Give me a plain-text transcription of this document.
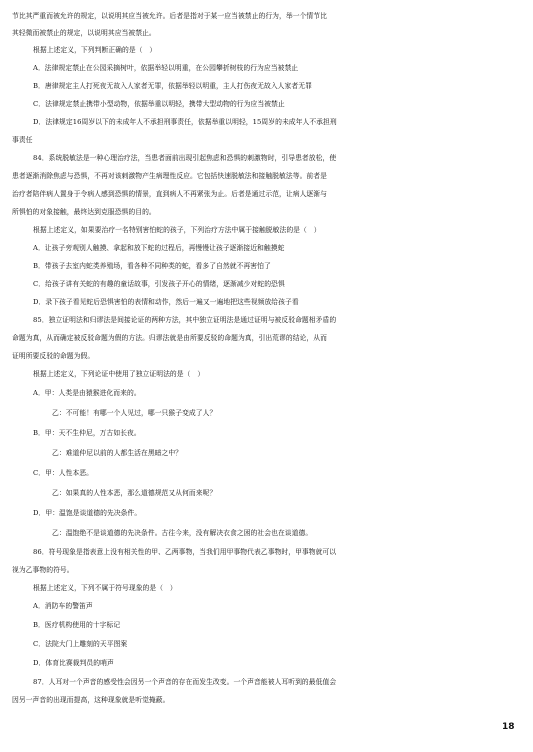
节比其严重而被允许的规定，以说明其应当被允许。后者是指对于某一应当被禁止的行为，举一个情节比
其轻微而被禁止的规定，以说明其应当被禁止。
根据上述定义，下列判断正确的是（　）
A．法律规定禁止在公园采摘树叶，依据举轻以明重，在公园攀折树枝的行为应当被禁止
B．唐律规定主人打死夜无故入人家者无罪，依据举轻以明重，主人打伤夜无故入人家者无罪
C．法律规定禁止携带小型动物，依据举重以明轻，携带大型动物的行为应当被禁止
D．法律规定16周岁以下的未成年人不承担刑事责任，依据举重以明轻，15周岁的未成年人不承担刑
事责任
84．系统脱敏法是一种心理治疗法，当患者面前出现引起焦虑和恐惧的刺激物时，引导患者放松，使
患者逐渐消除焦虑与恐惧，不再对该刺激物产生病理性反应。它包括快速脱敏法和接触脱敏法等。前者是
治疗者陪伴病人置身于令病人感到恐惧的情景，直到病人不再紧张为止。后者是通过示范，让病人逐渐与
所惧怕的对象接触，最终达到克服恐惧的目的。
根据上述定义，如果要治疗一名特别害怕蛇的孩子，下列治疗方法中属于接触脱敏法的是（　）
A．让孩子旁观别人触摸、拿起和放下蛇的过程后，再慢慢让孩子逐渐接近和触摸蛇
B．带孩子去室内蛇类养殖场，看各种不同种类的蛇，看多了自然就不再害怕了
C．给孩子讲有关蛇的有趣的童话故事，引发孩子开心的情绪，逐渐减少对蛇的恐惧
D．录下孩子看见蛇后恐惧害怕的表情和动作，然后一遍又一遍地把这些视频放给孩子看
85．独立证明法和归谬法是间接论证的两种方法，其中独立证明法是通过证明与被反驳命题相矛盾的
命题为真，从而确定被反驳命题为假的方法。归谬法就是由所要反驳的命题为真，引出荒谬的结论，从而
证明所要反驳的命题为假。
根据上述定义，下列论证中使用了独立证明法的是（　）
A．甲：人类是由猿猴进化而来的。
乙：不可能！有哪一个人见过，哪一只猴子变成了人？
B．甲：天不生仲尼，万古如长夜。
乙：难道仲尼以前的人都生活在黑暗之中？
C．甲：人性本恶。
乙：如果真的人性本恶，那么道德规范又从何而来呢？
D．甲：温饱是谈道德的先决条件。
乙：温饱绝不是谈道德的先决条件。古往今来，没有解决衣食之困的社会也在谈道德。
86．符号现象是指表意上没有相关性的甲、乙两事物，当我们用甲事物代表乙事物时，甲事物就可以
视为乙事物的符号。
根据上述定义，下列不属于符号现象的是（　）
A．消防车的警笛声
B．医疗机构使用的十字标记
C．法院大门上雕刻的天平图案
D．体育比赛裁判员的哨声
87．人耳对一个声音的感受性会因另一个声音的存在而发生改变。一个声音能被人耳听到的最低值会
因另一声音的出现而提高，这种现象就是听觉掩蔽。
18
